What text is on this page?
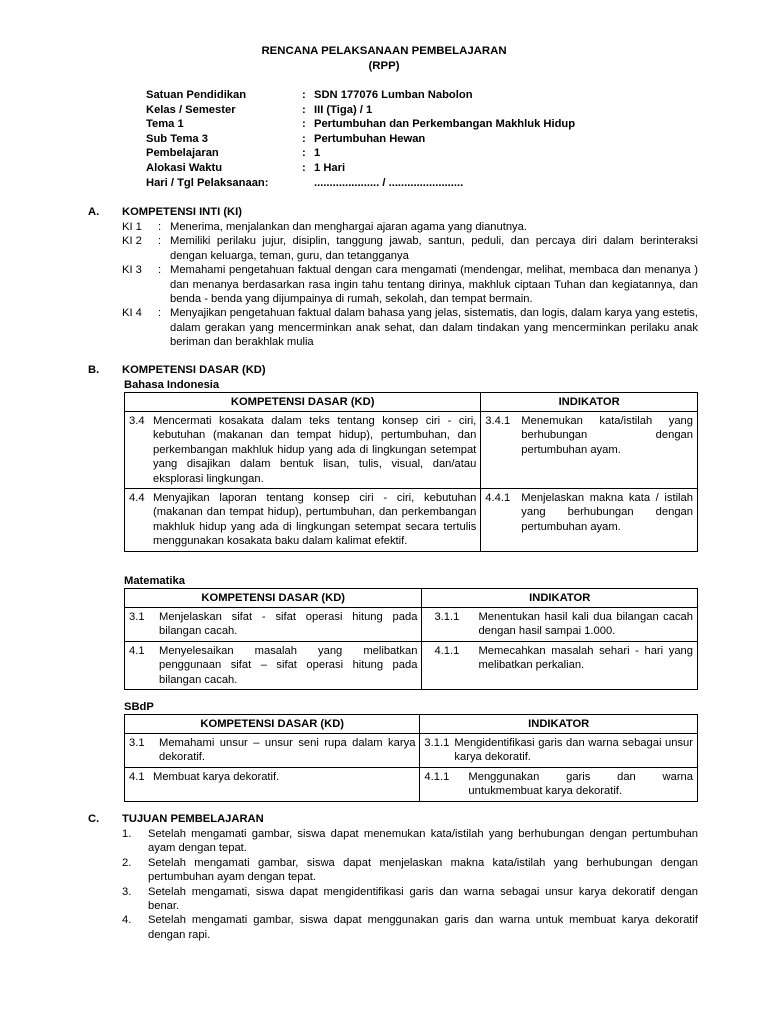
RENCANA PELAKSANAAN PEMBELAJARAN
(RPP)
Satuan Pendidikan	: SDN 177076 Lumban Nabolon
Kelas / Semester	: III (Tiga) / 1
Tema 1	: Pertumbuhan dan Perkembangan Makhluk Hidup
Sub Tema 3	: Pertumbuhan Hewan
Pembelajaran	: 1
Alokasi Waktu	: 1 Hari
Hari / Tgl Pelaksanaan:	..................... / ........................
A. KOMPETENSI INTI (KI)
KI 1	: Menerima, menjalankan dan menghargai ajaran agama yang dianutnya.
KI 2	: Memiliki perilaku jujur, disiplin, tanggung jawab, santun, peduli, dan percaya diri dalam berinteraksi dengan keluarga, teman, guru, dan tetangganya
KI 3	: Memahami pengetahuan faktual dengan cara mengamati (mendengar, melihat, membaca dan menanya ) dan menanya berdasarkan rasa ingin tahu tentang dirinya, makhluk ciptaan Tuhan dan kegiatannya, dan benda - benda yang dijumpainya di rumah, sekolah, dan tempat bermain.
KI 4	: Menyajikan pengetahuan faktual dalam bahasa yang jelas, sistematis, dan logis, dalam karya yang estetis, dalam gerakan yang mencerminkan anak sehat, dan dalam tindakan yang mencerminkan perilaku anak beriman dan berakhlak mulia
B. KOMPETENSI DASAR (KD)
Bahasa Indonesia
KOMPETENSI DASAR (KD)	INDIKATOR

3.4 Mencermati kosakata dalam teks tentang konsep ciri - ciri, kebutuhan (makanan dan tempat hidup), pertumbuhan, dan perkembangan makhluk hidup yang ada di lingkungan setempat yang disajikan dalam bentuk lisan, tulis, visual, dan/atau eksplorasi lingkungan.	3.4.1 Menemukan kata/istilah yang berhubungan dengan pertumbuhan ayam.

4.4 Menyajikan laporan tentang konsep ciri - ciri, kebutuhan (makanan dan tempat hidup), pertumbuhan, dan perkembangan makhluk hidup yang ada di lingkungan setempat secara tertulis menggunakan kosakata baku dalam kalimat efektif.	4.4.1 Menjelaskan makna kata / istilah yang berhubungan dengan pertumbuhan ayam.
Matematika
KOMPETENSI DASAR (KD)	INDIKATOR

3.1 Menjelaskan sifat - sifat operasi hitung pada bilangan cacah.	3.1.1 Menentukan hasil kali dua bilangan cacah dengan hasil sampai 1.000.

4.1 Menyelesaikan masalah yang melibatkan penggunaan sifat – sifat operasi hitung pada bilangan cacah.	4.1.1 Memecahkan masalah sehari - hari yang melibatkan perkalian.
SBdP
KOMPETENSI DASAR (KD)	INDIKATOR

3.1 Memahami unsur – unsur seni rupa dalam karya dekoratif.	3.1.1 Mengidentifikasi garis dan warna sebagai unsur karya dekoratif.

4.1 Membuat karya dekoratif.	4.1.1 Menggunakan garis dan warna untukmembuat karya dekoratif.
C. TUJUAN PEMBELAJARAN
1.	Setelah mengamati gambar, siswa dapat menemukan kata/istilah yang berhubungan dengan pertumbuhan ayam dengan tepat.
2.	Setelah mengamati gambar, siswa dapat menjelaskan makna kata/istilah yang berhubungan dengan pertumbuhan ayam dengan tepat.
3.	Setelah mengamati, siswa dapat mengidentifikasi garis dan warna sebagai unsur karya dekoratif dengan benar.
4.	Setelah mengamati gambar, siswa dapat menggunakan garis dan warna untuk membuat karya dekoratif dengan rapi.
